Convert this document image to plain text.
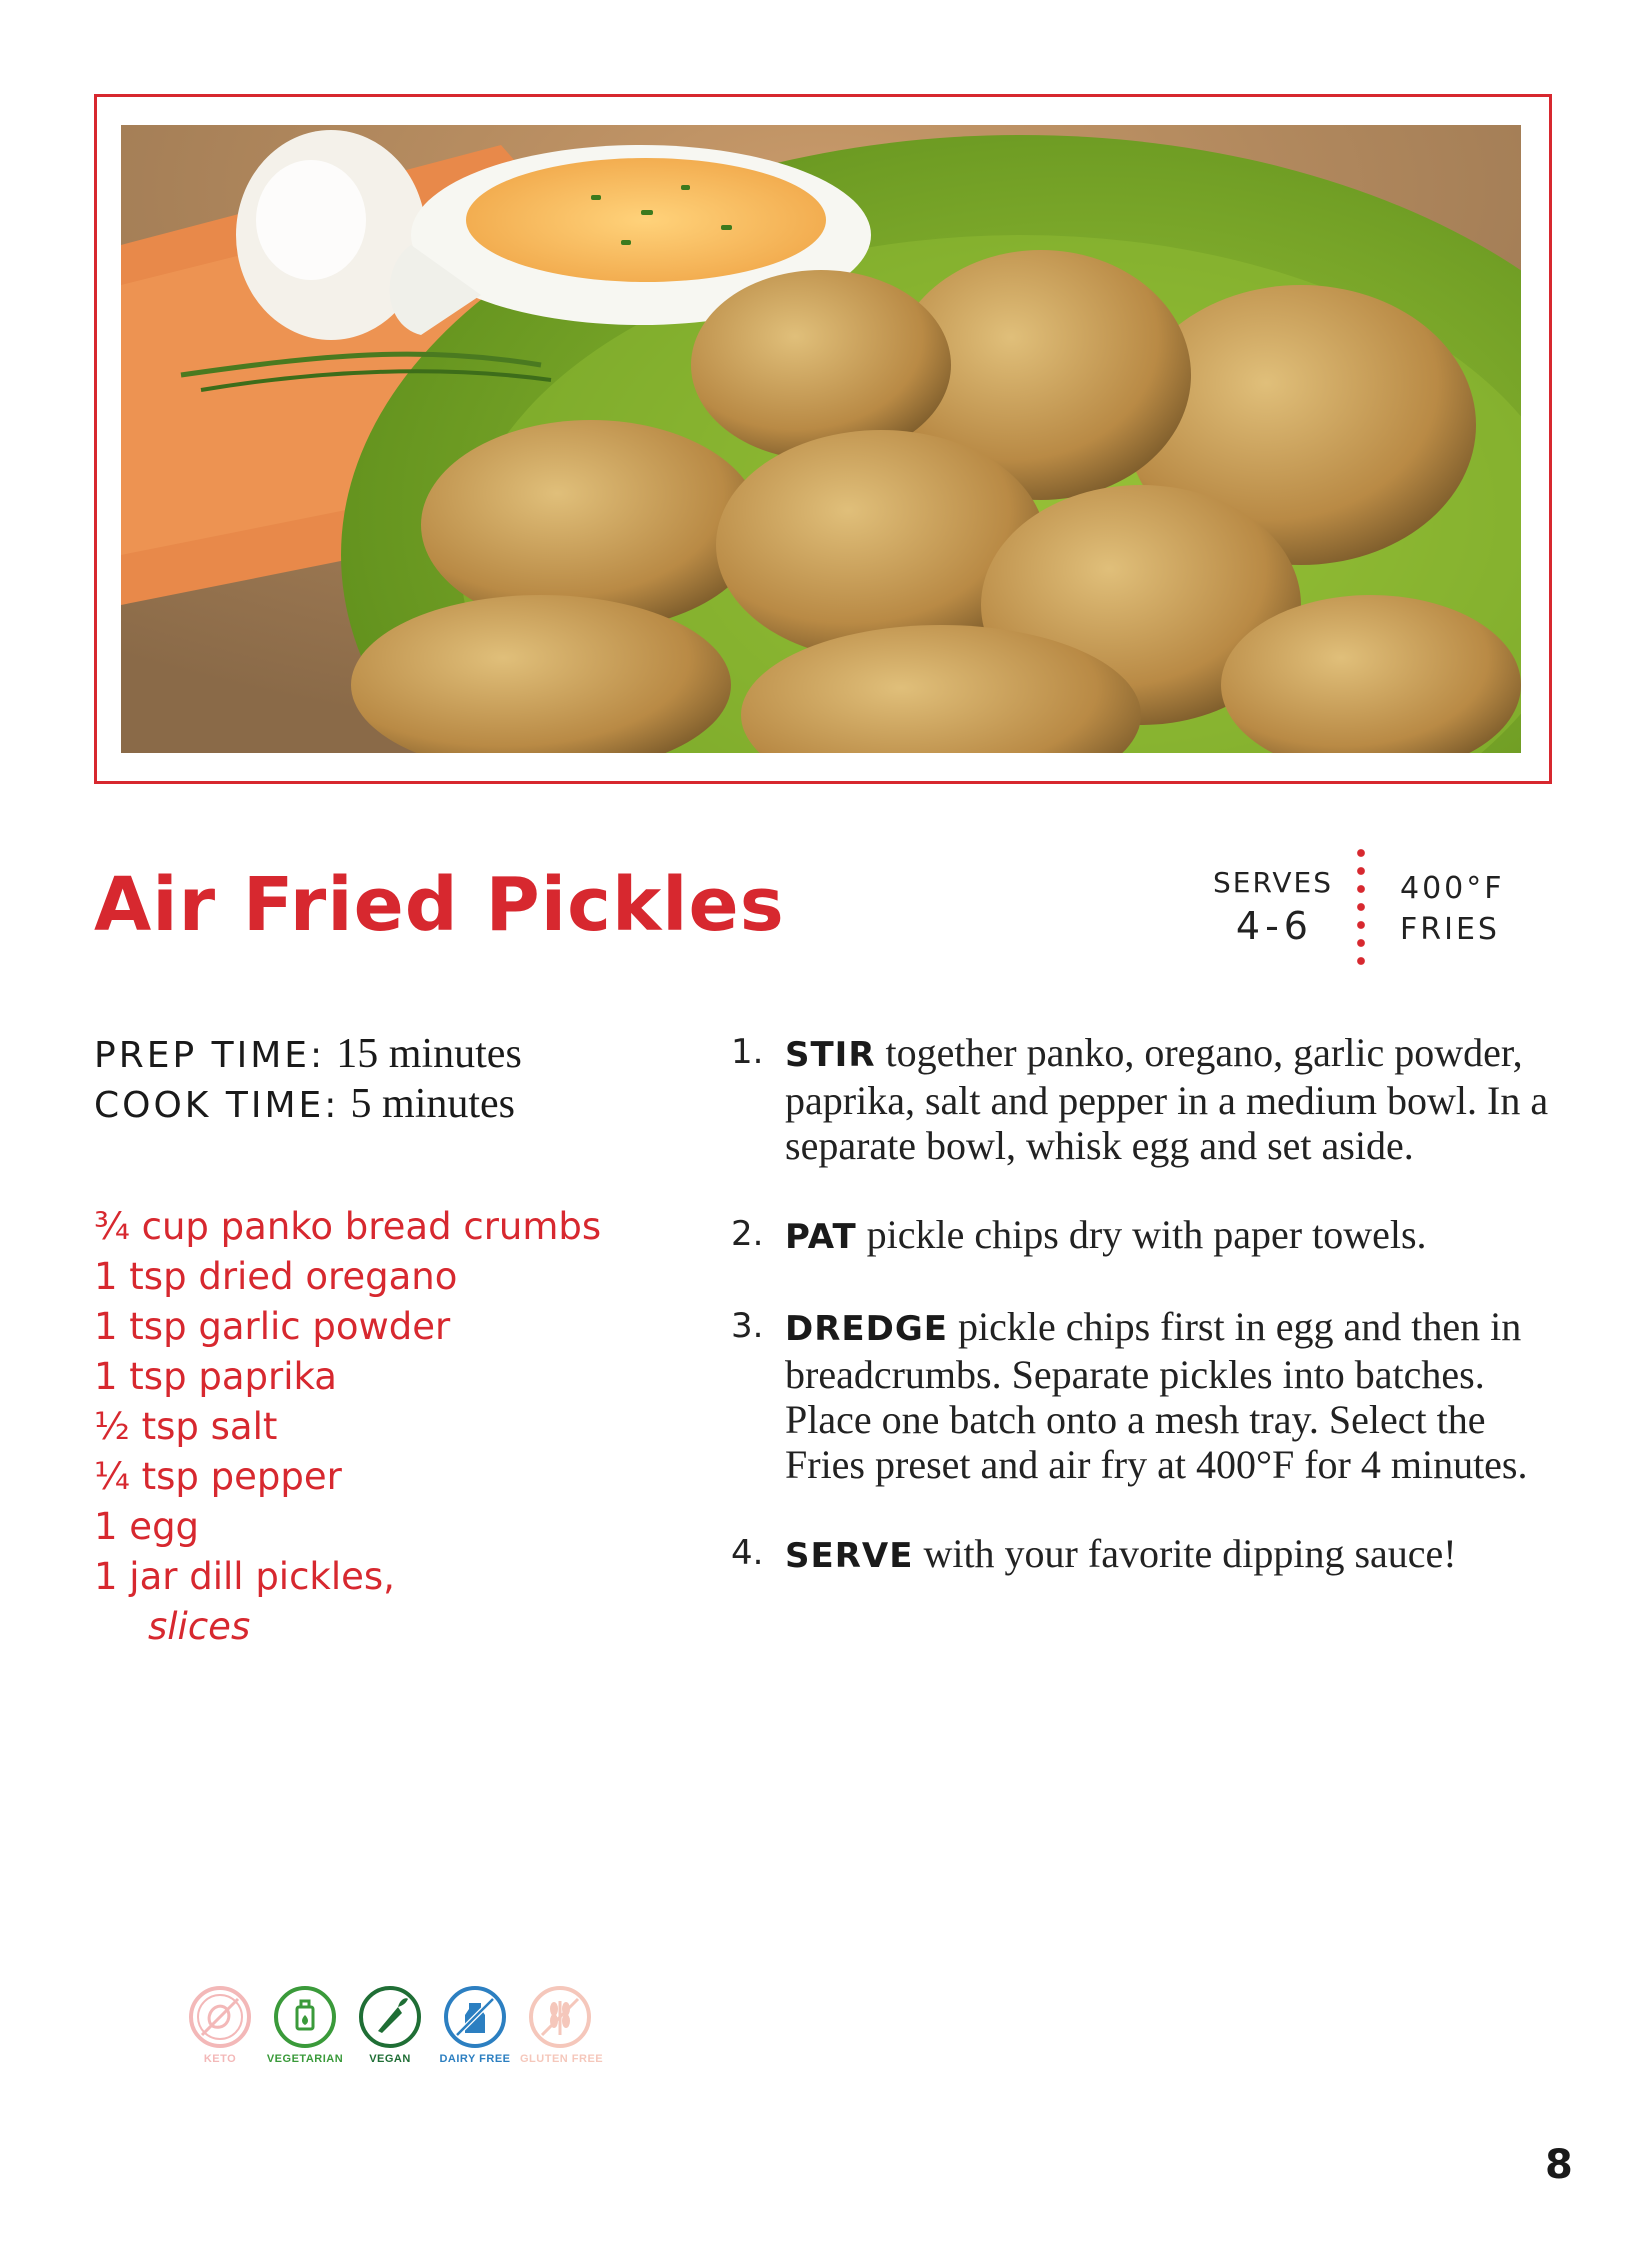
Air Fried Pickles	SERVES
4-6
400°F
FRIES
PREP TIME: 15 minutes
COOK TIME: 5 minutes
¾ cup panko bread crumbs
1 tsp dried oregano
1 tsp garlic powder
1 tsp paprika
½ tsp salt
¼ tsp pepper
1 egg
1 jar dill pickles,
slices
1. STIR together panko, oregano, garlic powder, paprika, salt and pepper in a medium bowl. In a separate bowl, whisk egg and set aside.
2. PAT pickle chips dry with paper towels.
3. DREDGE pickle chips first in egg and then in breadcrumbs. Separate pickles into batches. Place one batch onto a mesh tray. Select the Fries preset and air fry at 400°F for 4 minutes.
4. SERVE with your favorite dipping sauce!
KETO	VEGETARIAN	VEGAN	DAIRY FREE GLUTEN FREE
8
